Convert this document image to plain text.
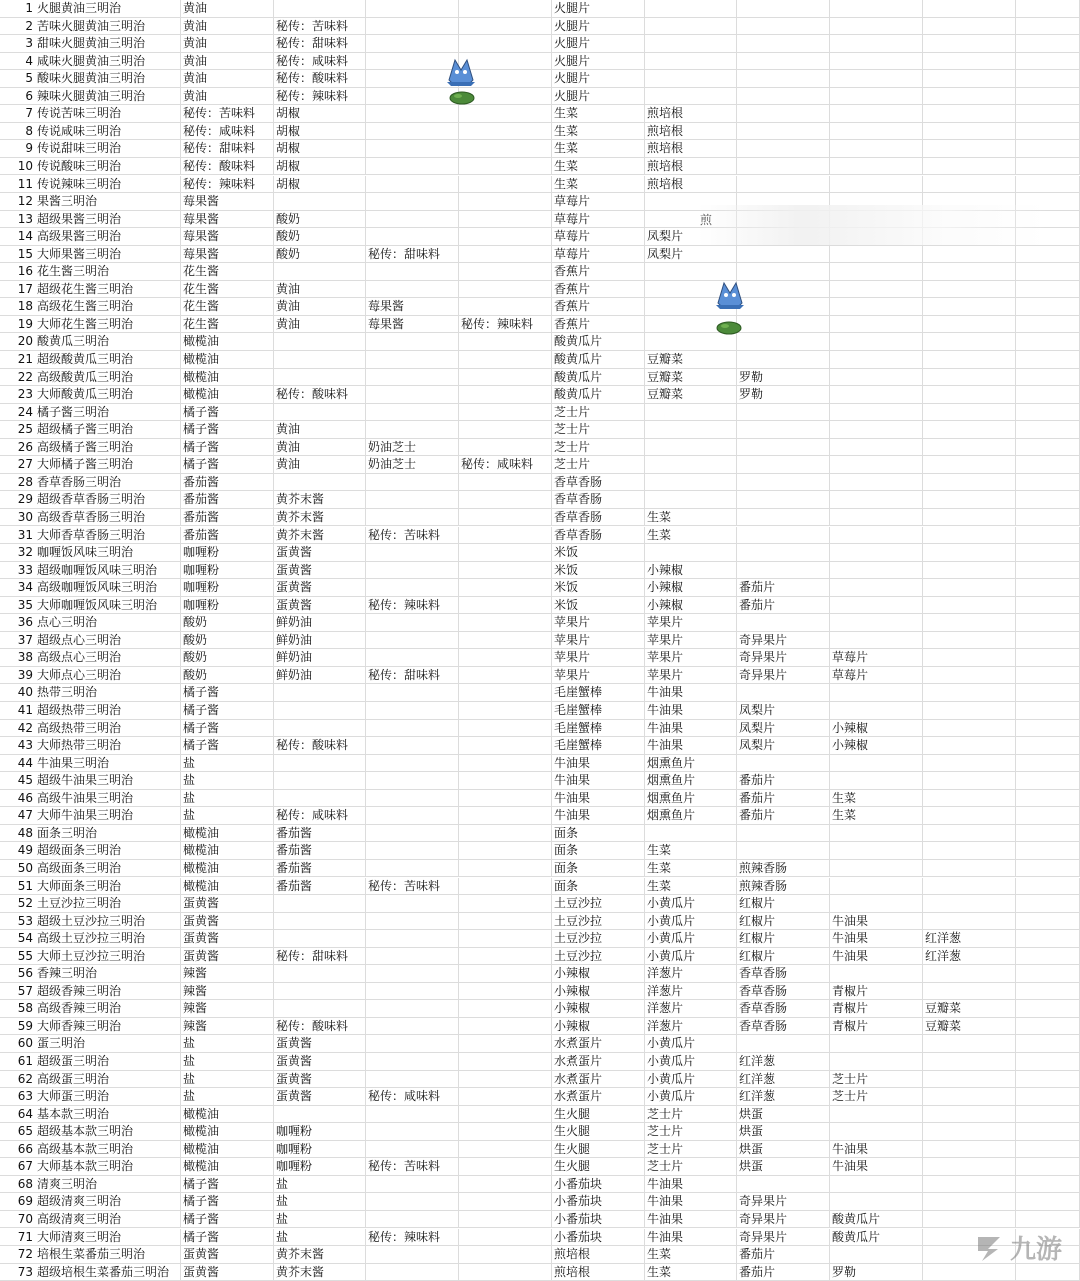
1 火腿黄油三明治	黄油	火腿片
2 苦味火腿黄油三明治	黄油	秘传：苦味料	火腿片
3 甜味火腿黄油三明治	黄油	秘传：甜味料	火腿片
4 咸味火腿黄油三明治	黄油	秘传：咸味料	火腿片
5 酸味火腿黄油三明治	黄油	秘传：酸味料	火腿片
6 辣味火腿黄油三明治	黄油	秘传：辣味料	火腿片
7 传说苦味三明治	秘传：苦味料	胡椒	生菜	煎培根
8 传说咸味三明治	秘传：咸味料	胡椒	生菜	煎培根
9 传说甜味三明治	秘传：甜味料	胡椒	生菜	煎培根
10 传说酸味三明治	秘传：酸味料	胡椒	生菜	煎培根
11 传说辣味三明治	秘传：辣味料	胡椒	生菜	煎培根
12 果酱三明治	莓果酱	草莓片
13 超级果酱三明治	莓果酱	酸奶	草莓片
14 高级果酱三明治	莓果酱	酸奶	草莓片	凤梨片
15 大师果酱三明治	莓果酱	酸奶	秘传：甜味料	草莓片	凤梨片
16 花生酱三明治	花生酱	香蕉片
17 超级花生酱三明治	花生酱	黄油	香蕉片
18 高级花生酱三明治	花生酱	黄油	莓果酱	香蕉片
19 大师花生酱三明治	花生酱	黄油	莓果酱	秘传：辣味料	香蕉片
20 酸黄瓜三明治	橄榄油	酸黄瓜片
21 超级酸黄瓜三明治	橄榄油	酸黄瓜片	豆瓣菜
22 高级酸黄瓜三明治	橄榄油	酸黄瓜片	豆瓣菜	罗勒
23 大师酸黄瓜三明治	橄榄油	秘传：酸味料	酸黄瓜片	豆瓣菜	罗勒
24 橘子酱三明治	橘子酱	芝士片
25 超级橘子酱三明治	橘子酱	黄油	芝士片
26 高级橘子酱三明治	橘子酱	黄油	奶油芝士	芝士片
27 大师橘子酱三明治	橘子酱	黄油	奶油芝士	秘传：咸味料	芝士片
28 香草香肠三明治	番茄酱	香草香肠
29 超级香草香肠三明治	番茄酱	黄芥末酱	香草香肠
30 高级香草香肠三明治	番茄酱	黄芥末酱	香草香肠	生菜
31 大师香草香肠三明治	番茄酱	黄芥末酱	秘传：苦味料	香草香肠	生菜
32 咖喱饭风味三明治	咖喱粉	蛋黄酱	米饭
33 超级咖喱饭风味三明治	咖喱粉	蛋黄酱	米饭	小辣椒
34 高级咖喱饭风味三明治	咖喱粉	蛋黄酱	米饭	小辣椒	番茄片
35 大师咖喱饭风味三明治	咖喱粉	蛋黄酱	秘传：辣味料	米饭	小辣椒	番茄片
36 点心三明治	酸奶	鲜奶油	苹果片	苹果片
37 超级点心三明治	酸奶	鲜奶油	苹果片	苹果片	奇异果片
38 高级点心三明治	酸奶	鲜奶油	苹果片	苹果片	奇异果片	草莓片
39 大师点心三明治	酸奶	鲜奶油	秘传：甜味料	苹果片	苹果片	奇异果片	草莓片
40 热带三明治	橘子酱	毛崖蟹棒	牛油果
41 超级热带三明治	橘子酱	毛崖蟹棒	牛油果	凤梨片
42 高级热带三明治	橘子酱	毛崖蟹棒	牛油果	凤梨片	小辣椒
43 大师热带三明治	橘子酱	秘传：酸味料	毛崖蟹棒	牛油果	凤梨片	小辣椒
44 牛油果三明治	盐	牛油果	烟熏鱼片
45 超级牛油果三明治	盐	牛油果	烟熏鱼片	番茄片
46 高级牛油果三明治	盐	牛油果	烟熏鱼片	番茄片	生菜
47 大师牛油果三明治	盐	秘传：咸味料	牛油果	烟熏鱼片	番茄片	生菜
48 面条三明治	橄榄油	番茄酱	面条
49 超级面条三明治	橄榄油	番茄酱	面条	生菜
50 高级面条三明治	橄榄油	番茄酱	面条	生菜	煎辣香肠
51 大师面条三明治	橄榄油	番茄酱	秘传：苦味料	面条	生菜	煎辣香肠
52 土豆沙拉三明治	蛋黄酱	土豆沙拉	小黄瓜片	红椒片
53 超级土豆沙拉三明治	蛋黄酱	土豆沙拉	小黄瓜片	红椒片	牛油果
54 高级土豆沙拉三明治	蛋黄酱	土豆沙拉	小黄瓜片	红椒片	牛油果	红洋葱
55 大师土豆沙拉三明治	蛋黄酱	秘传：甜味料	土豆沙拉	小黄瓜片	红椒片	牛油果	红洋葱
56 香辣三明治	辣酱	小辣椒	洋葱片	香草香肠
57 超级香辣三明治	辣酱	小辣椒	洋葱片	香草香肠	青椒片
58 高级香辣三明治	辣酱	小辣椒	洋葱片	香草香肠	青椒片	豆瓣菜
59 大师香辣三明治	辣酱	秘传：酸味料	小辣椒	洋葱片	香草香肠	青椒片	豆瓣菜
60 蛋三明治	盐	蛋黄酱	水煮蛋片	小黄瓜片
61 超级蛋三明治	盐	蛋黄酱	水煮蛋片	小黄瓜片	红洋葱
62 高级蛋三明治	盐	蛋黄酱	水煮蛋片	小黄瓜片	红洋葱	芝士片
63 大师蛋三明治	盐	蛋黄酱	秘传：咸味料	水煮蛋片	小黄瓜片	红洋葱	芝士片
64 基本款三明治	橄榄油	生火腿	芝士片	烘蛋
65 超级基本款三明治	橄榄油	咖喱粉	生火腿	芝士片	烘蛋
66 高级基本款三明治	橄榄油	咖喱粉	生火腿	芝士片	烘蛋	牛油果
67 大师基本款三明治	橄榄油	咖喱粉	秘传：苦味料	生火腿	芝士片	烘蛋	牛油果
68 清爽三明治	橘子酱	盐	小番茄块	牛油果
69 超级清爽三明治	橘子酱	盐	小番茄块	牛油果	奇异果片
70 高级清爽三明治	橘子酱	盐	小番茄块	牛油果	奇异果片	酸黄瓜片
71 大师清爽三明治	橘子酱	盐	秘传：辣味料	小番茄块	牛油果	奇异果片	酸黄瓜片
72 培根生菜番茄三明治	蛋黄酱	黄芥末酱	煎培根	生菜	番茄片
73 超级培根生菜番茄三明治	蛋黄酱	黄芥末酱	煎培根	生菜	番茄片	罗勒
煎
九游
